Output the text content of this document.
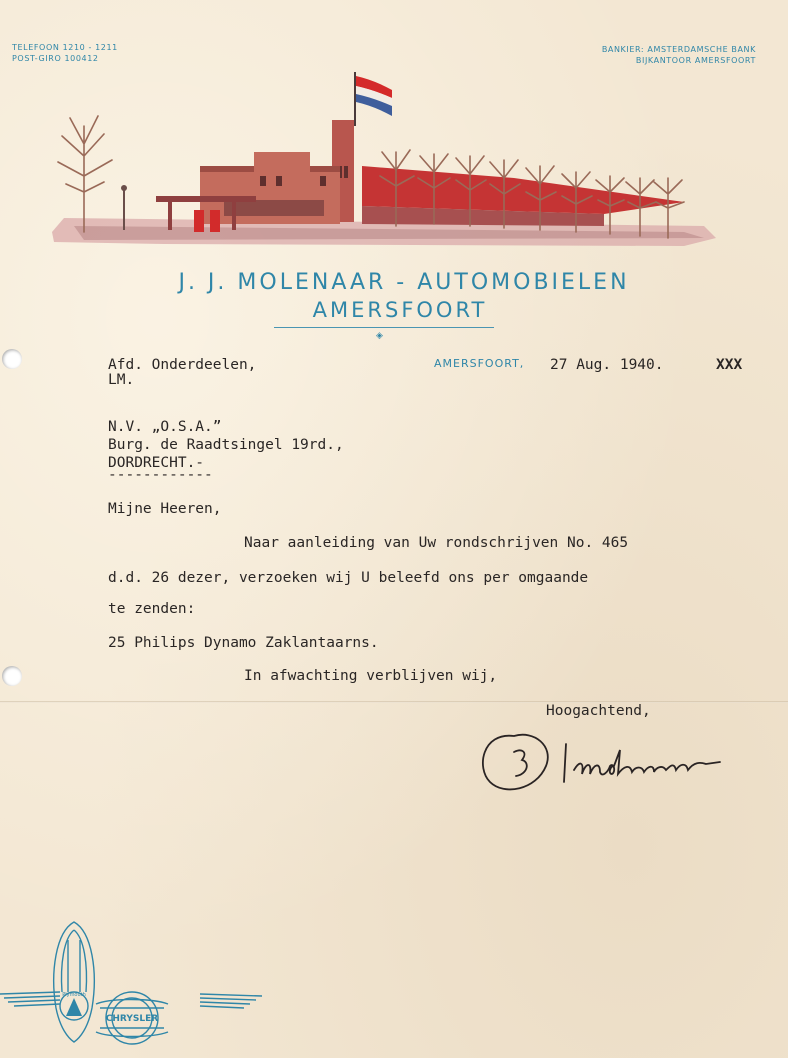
TELEFOON 1210 - 1211
POST-GIRO 100412
BANKIER: AMSTERDAMSCHE BANK
BIJKANTOOR AMERSFOORT
J. J. MOLENAAR - AUTOMOBIELEN
AMERSFOORT
◈
Afd. Onderdeelen,
LM.
AMERSFOORT, 27 Aug. 1940.	XXX
N.V. „O.S.A.”
Burg. de Raadtsingel 19rd.,
DORDRECHT.-
------------
Mijne Heeren,
Naar aanleiding van Uw rondschrijven No. 465
d.d. 26 dezer, verzoeken wij U beleefd ons per omgaande
te zenden:
25 Philips Dynamo Zaklantaarns.
In afwachting verblijven wij,
Hoogachtend,
Plymouth
CHRYSLER
